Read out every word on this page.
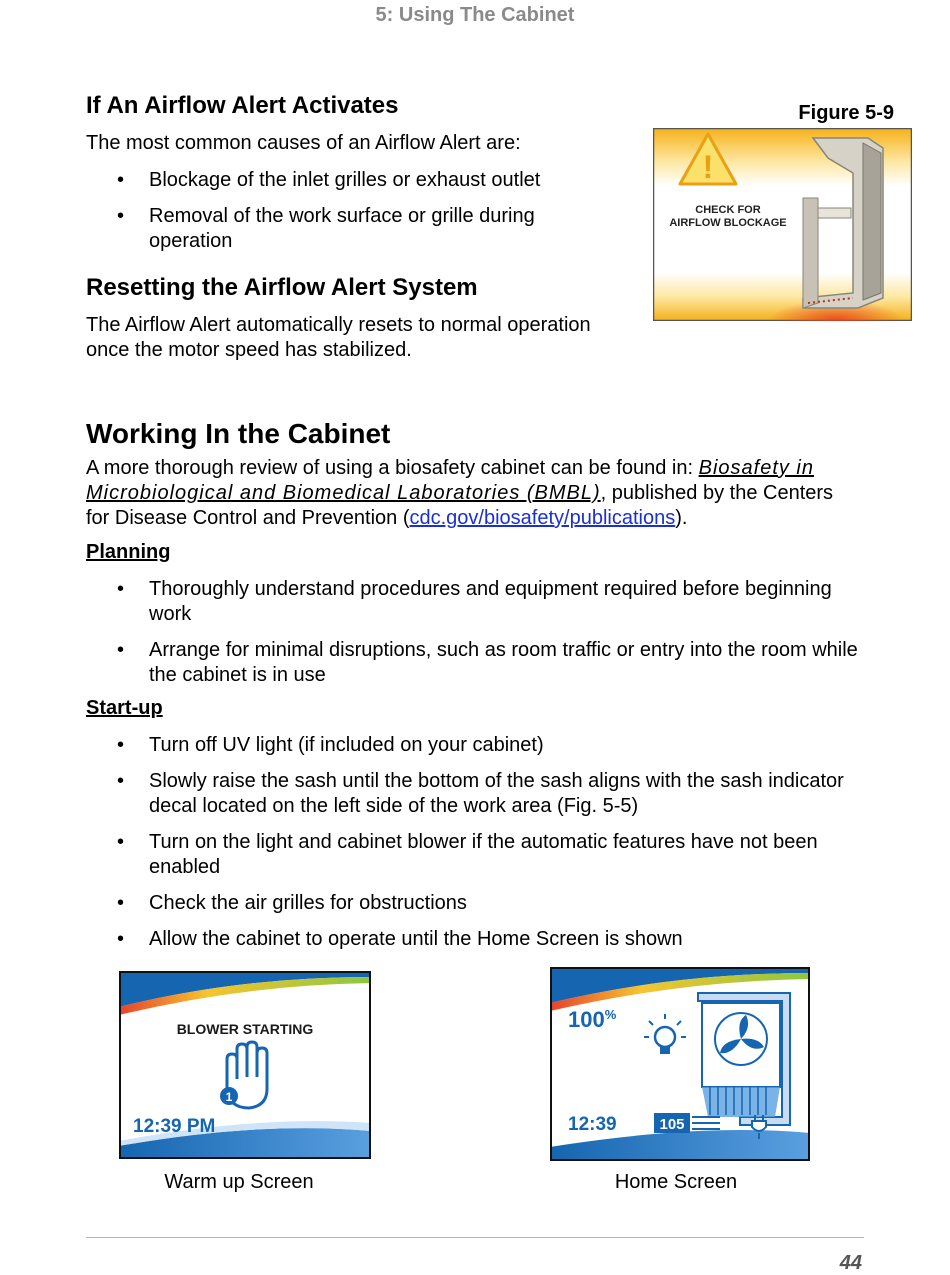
5: Using The Cabinet
If An Airflow Alert Activates

The most common causes of an Airflow Alert are:

• Blockage of the inlet grilles or exhaust outlet
• Removal of the work surface or grille during operation
Resetting the Airflow Alert System

The Airflow Alert automatically resets to normal operation once the motor speed has stabilized.

Figure 5-9
!
CHECK FOR
AIRFLOW BLOCKAGE
Working In the Cabinet

A more thorough review of using a biosafety cabinet can be found in: Biosafety in Microbiological and Biomedical Laboratories (BMBL), published by the Centers for Disease Control and Prevention (cdc.gov/biosafety/publications).

Planning
• Thoroughly understand procedures and equipment required before beginning work
• Arrange for minimal disruptions, such as room traffic or entry into the room while the cabinet is in use
Start-up
• Turn off UV light (if included on your cabinet)
• Slowly raise the sash until the bottom of the sash aligns with the sash indicator decal located on the left side of the work area (Fig. 5-5)
• Turn on the light and cabinet blower if the automatic features have not been enabled
• Check the air grilles for obstructions
• Allow the cabinet to operate until the Home Screen is shown
BLOWER STARTING
1
12:39 PM
Warm up Screen
100%
12:39	105
Home Screen
44
